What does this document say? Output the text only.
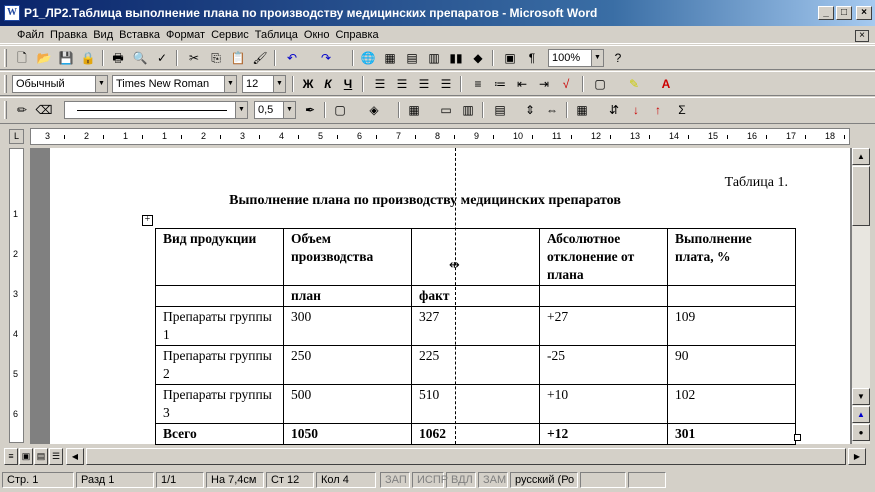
W P1_ЛР2.Таблица выполнение плана по производству медицинских препаратов - Microsoft Word	_	□	×
Файл Правка Вид Вставка Формат Сервис Таблица Окно Справка	×
🗋 📂 💾 🔒	🖶 🔍 ✓	✂	⎘ 📋 🖌	↶	↷	🌐 ▦ ▤ ▥ ▮▮ ◆	▣	¶	100%	▼	?
Обычный	▼	Times New Roman	▼	12	▼	Ж К	Ч	☰ ☰ ☰ ☰	≡	≔ ⇤ ⇥	√	▢	✎	A
✏ ⌫	▼	0,5	▼	✒	▢	◈	▦	▭ ▥	▤	⇕ ⇔	▦	⇵	↓	↑	Σ
L	3	2	1	1	2	3	4	5	6	7	8	9	10	11	12	13	14	15	16	17	18
1
2
3
4
5
6
Таблица 1.
Выполнение плана по производству медицинских препаратов
+
Вид продукции	Объем производства		Абсолютное отклонение от плана	Выполнение плата, %
	план	факт		
Препараты группы 1	300	327	+27	109
Препараты группы 2	250	225	-25	90
Препараты группы 3	500	510	+10	102
Всего	1050	1062	+12	301
⇹
▲
▼
▲
●
≡ ▣ ▤ ☰	◀	▶
Стр. 1	Разд 1	1/1	На 7,4см	Ст 12	Кол 4	ЗАП ИСПР ВДЛ ЗАМ русский (Ро
